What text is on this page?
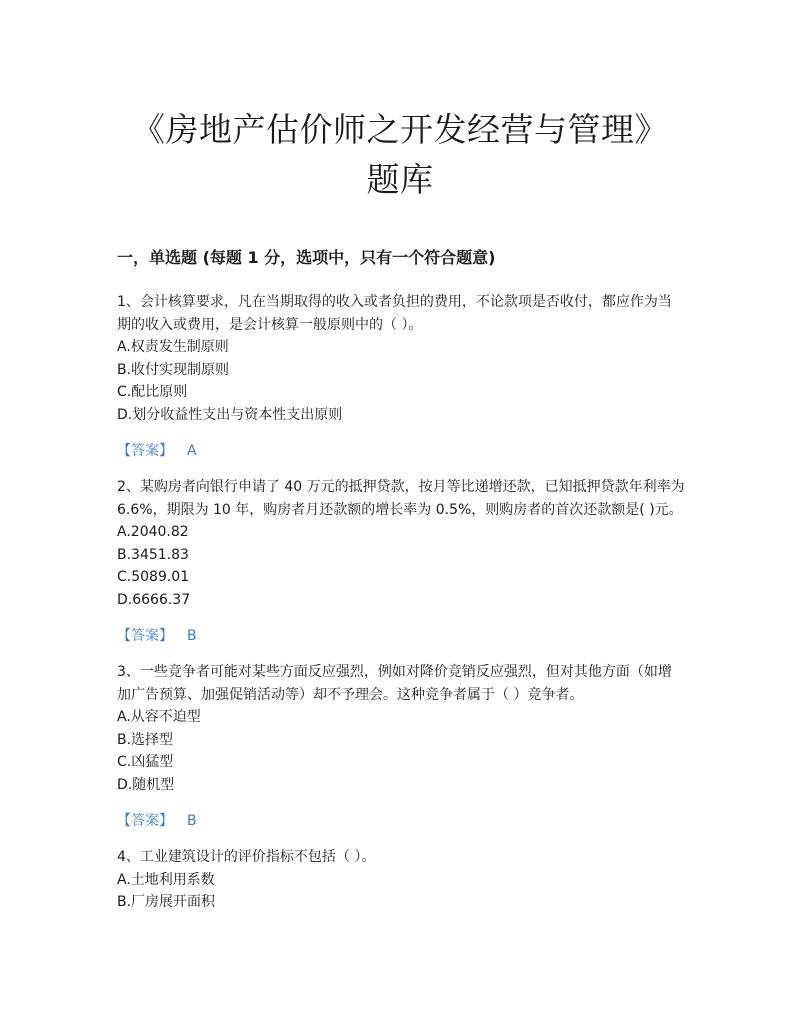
《房地产估价师之开发经营与管理》
题库
一，单选题 (每题 1 分，选项中，只有一个符合题意)

1、会计核算要求，凡在当期取得的收入或者负担的费用，不论款项是否收付，都应作为当期的收入或费用，是会计核算一般原则中的（ ）。

A.权责发生制原则

B.收付实现制原则

C.配比原则

D.划分收益性支出与资本性支出原则

【答案】 A

2、某购房者向银行申请了 40 万元的抵押贷款，按月等比递增还款，已知抵押贷款年利率为 6.6%，期限为 10 年，购房者月还款额的增长率为 0.5%，则购房者的首次还款额是( )元。

A.2040.82

B.3451.83

C.5089.01

D.6666.37

【答案】 B

3、一些竞争者可能对某些方面反应强烈，例如对降价竞销反应强烈，但对其他方面（如增加广告预算、加强促销活动等）却不予理会。这种竞争者属于（ ）竞争者。

A.从容不迫型

B.选择型

C.凶猛型

D.随机型

【答案】 B

4、工业建筑设计的评价指标不包括（ ）。

A.土地利用系数

B.厂房展开面积
